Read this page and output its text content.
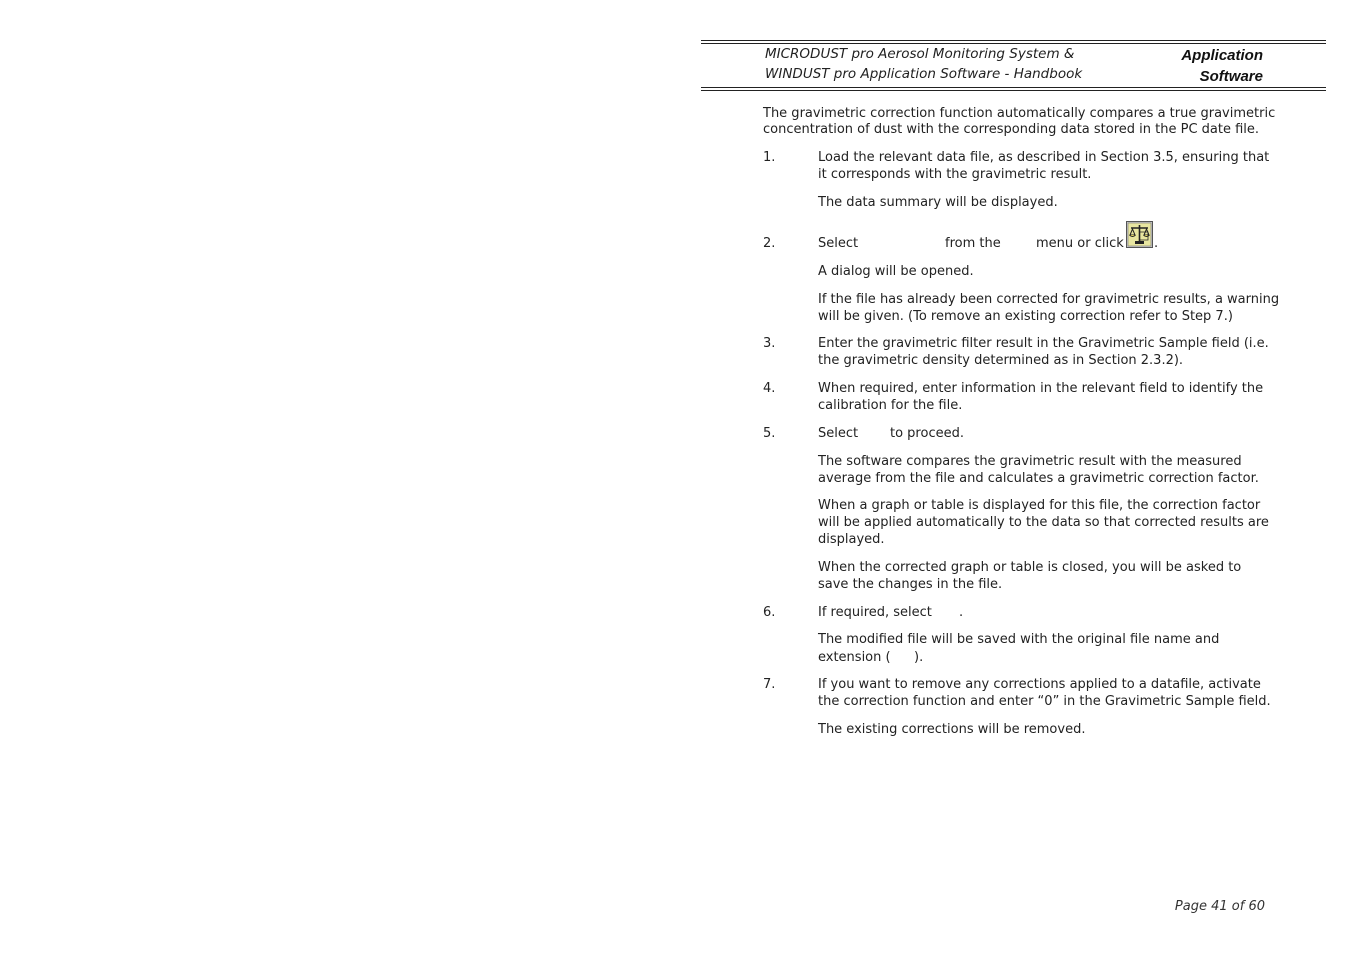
MICRODUST pro Aerosol Monitoring System &
WINDUST pro Application Software - Handbook
Application
Software
The gravimetric correction function automatically compares a true gravimetric
concentration of dust with the corresponding data stored in the PC date file.
1.	Load the relevant data file, as described in Section 3.5, ensuring that
it corresponds with the gravimetric result.
The data summary will be displayed.
2.	Select	from the	menu or click .
A dialog will be opened.
If the file has already been corrected for gravimetric results, a warning
will be given. (To remove an existing correction refer to Step 7.)
3.	Enter the gravimetric filter result in the Gravimetric Sample field (i.e.
the gravimetric density determined as in Section 2.3.2).
4.	When required, enter information in the relevant field to identify the
calibration for the file.
5.	Select to proceed.
The software compares the gravimetric result with the measured
average from the file and calculates a gravimetric correction factor.
When a graph or table is displayed for this file, the correction factor
will be applied automatically to the data so that corrected results are
displayed.
When the corrected graph or table is closed, you will be asked to
save the changes in the file.
6.	If required, select .
The modified file will be saved with the original file name and
extension ( ).
7.	If you want to remove any corrections applied to a datafile, activate
the correction function and enter “0” in the Gravimetric Sample field.
The existing corrections will be removed.
Page 41 of 60
